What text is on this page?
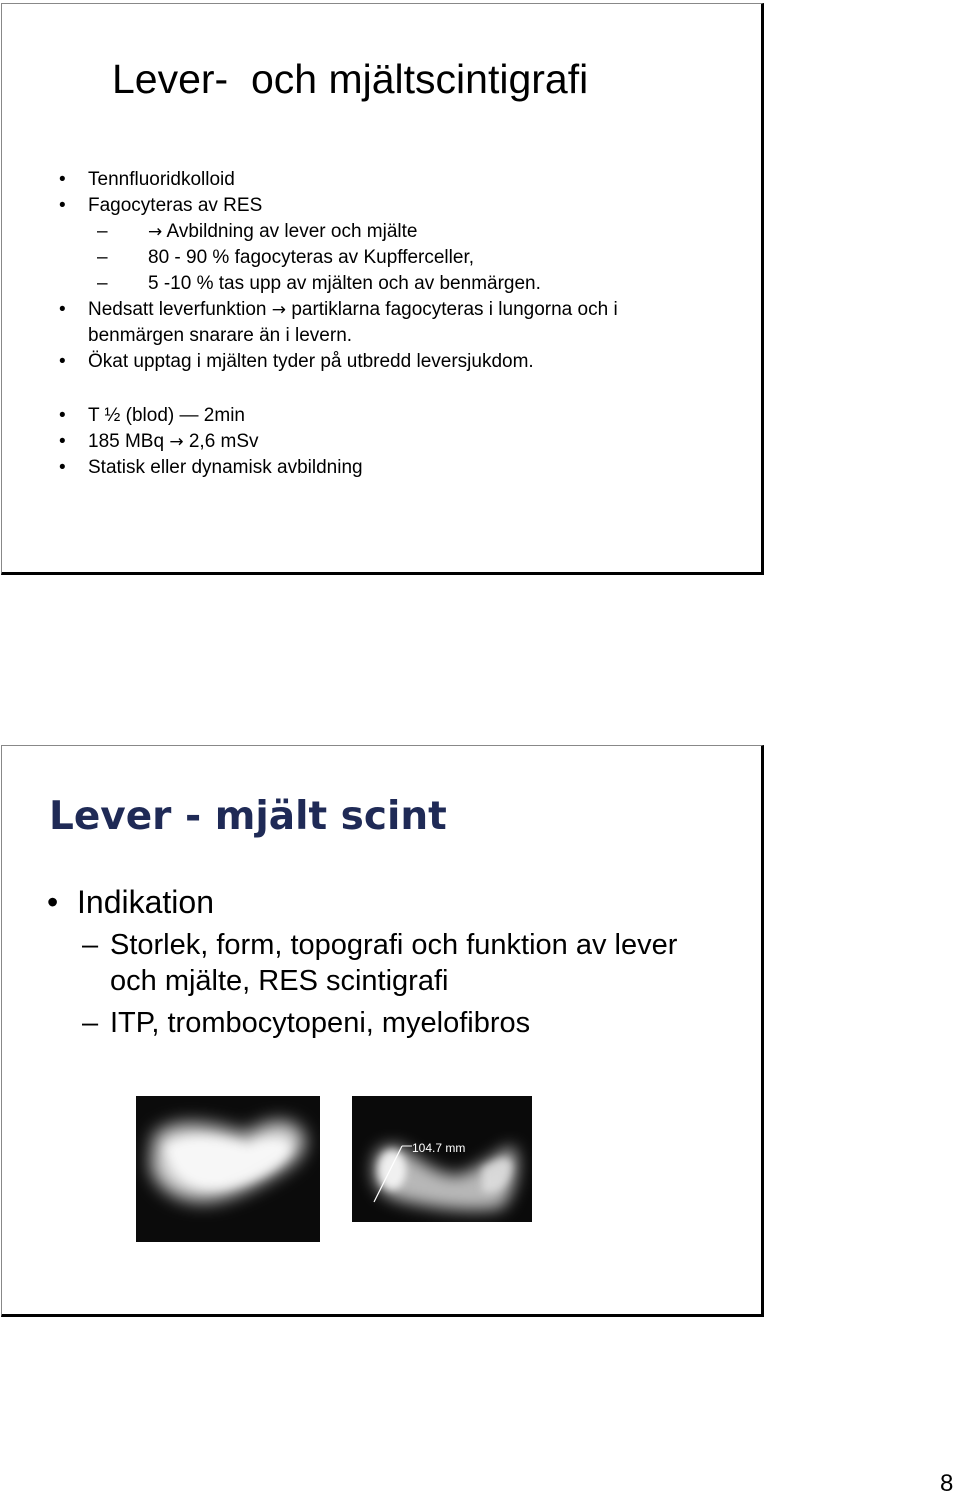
Lever-  och mjältscintigrafi
• Tennfluoridkolloid
• Fagocyteras av RES
– → Avbildning av lever och mjälte
– 80 - 90 % fagocyteras av Kupfferceller,
– 5 -10 % tas upp av mjälten och av benmärgen.
• Nedsatt leverfunktion → partiklarna fagocyteras i lungorna och i
benmärgen snarare än i levern.
• Ökat upptag i mjälten tyder på utbredd leversjukdom.
• T ½ (blod) — 2min
• 185 MBq → 2,6 mSv
• Statisk eller dynamisk avbildning
Lever - mjält scint
• Indikation
– Storlek, form, topografi och funktion av lever
och mjälte, RES scintigrafi
– ITP, trombocytopeni, myelofibros
104.7 mm

8
